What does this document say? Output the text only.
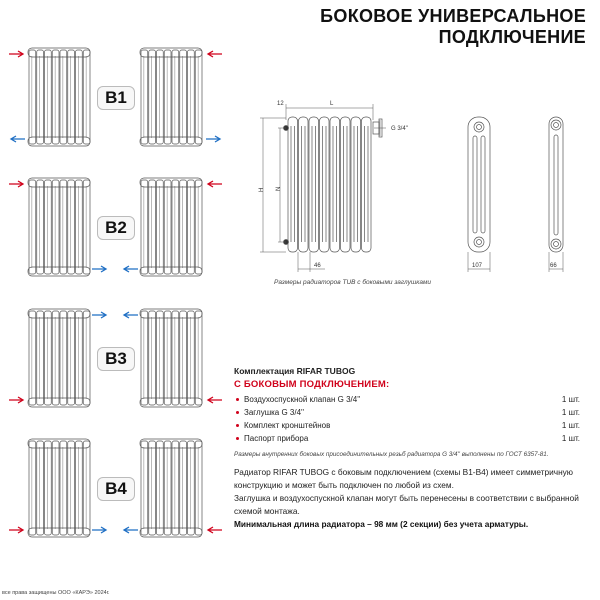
БОКОВОЕ УНИВЕРСАЛЬНОЕ
ПОДКЛЮЧЕНИЕ
B1
B2
B3
B4
12	L
G 3/4''
H N
46	107	66
Размеры радиаторов TUB с боковыми заглушками
Комплектация RIFAR TUBOG
С БОКОВЫМ ПОДКЛЮЧЕНИЕМ:
Воздухоспускной клапан G 3/4''	1 шт.
Заглушка G 3/4''	1 шт.
Комплект кронштейнов	1 шт.
Паспорт прибора	1 шт.
Размеры внутренних боковых присоединительных резьб радиатора G 3/4'' выполнены по ГОСТ 6357-81.
Радиатор RIFAR TUBOG с боковым подключением (схемы B1-B4) имеет симметричную конструкцию и может быть подключен по любой из схем.
Заглушка и воздухоспускной клапан могут быть перенесены в соответствии с выбранной схемой монтажа.
Минимальная длина радиатора – 98 мм (2 секции) без учета арматуры.
все права защищены ООО «КАРЭ» 2024г.
